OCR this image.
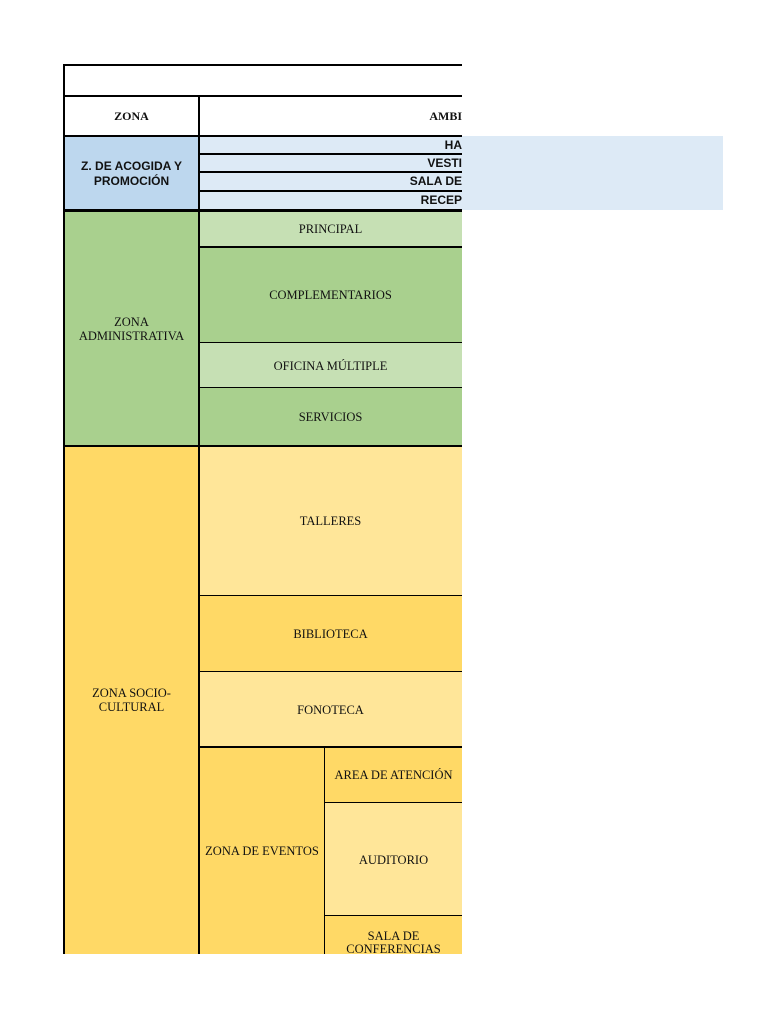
ZONA	AMBI
Z. DE ACOGIDA Y PROMOCIÓN
HA
VESTI
SALA DE
RECEP
ZONA ADMINISTRATIVA
PRINCIPAL
COMPLEMENTARIOS
OFICINA MÚLTIPLE
SERVICIOS
ZONA SOCIO-CULTURAL
TALLERES
BIBLIOTECA
FONOTECA
ZONA DE EVENTOS
AREA DE ATENCIÓN
AUDITORIO
SALA DE CONFERENCIAS
